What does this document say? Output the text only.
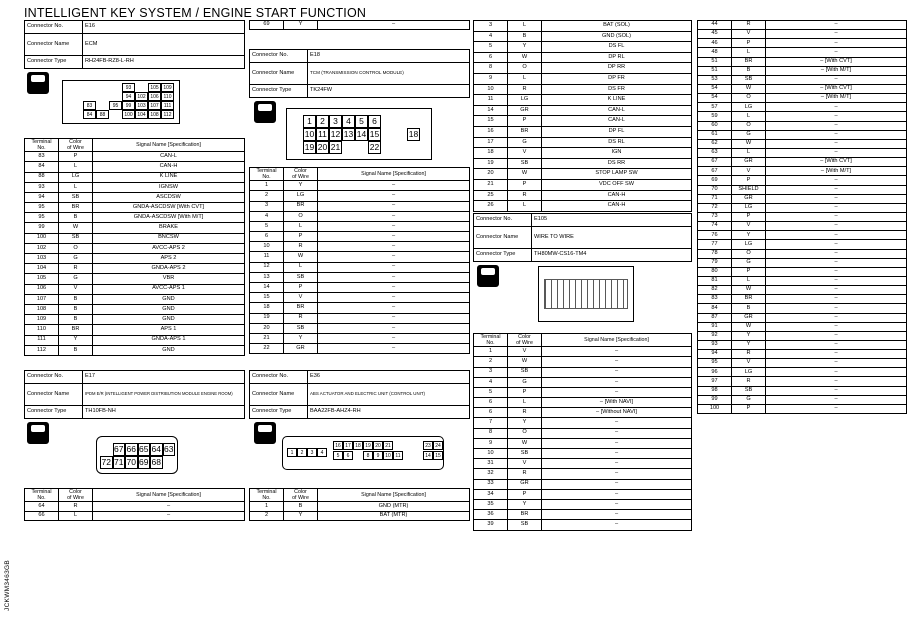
INTELLIGENT KEY SYSTEM / ENGINE START FUNCTION
JCKWM3463GB
Connector No.	E16
Connector Name	ECM
Connector Type	RH24FB-RZ8-L-RH
93	105 109
94	102 106 110
83	95	99	103 107	111
84	88	100 104 108 112
Terminal
No.	Color
of Wire	Signal Name [Specification]
83	P	CAN-L
84	L	CAN-H
88	LG	K LINE
93	L	IGNSW
94	SB	ASCDSW
95	BR	GNDA-ASCDSW [With CVT]
95	B	GNDA-ASCDSW [With M/T]
99	W	BRAKE
100	SB	BNCSW
102	O	AVCC-APS 2
103	G	APS 2
104	R	GNDA-APS 2
105	G	VBR
106	V	AVCC-APS 1
107	B	GND
108	B	GND
109	B	GND
110	BR	APS 1
111	Y	GNDA-APS 1
112	B	GND
69	Y	–
Connector No.	E18
Connector Name	TCM (TRANSMISSION CONTROL MODULE)
Connector Type	TK24FW
1 2 3 4 5 6
10 11 12 13 14 15	18
19 20 21	22
Terminal
No.	Color
of Wire	Signal Name [Specification]
1	Y	–
2	LG	–
3	BR	–
4	O	–
5	L	–
6	P	–
10	R	–
11	W	–
12	L	–
13	SB	–
14	P	–
15	V	–
18	BR	–
19	R	–
20	SB	–
21	Y	–
22	GR	–
Connector No.	E17
Connector Name	IPDM E/R (INTELLIGENT POWER DISTRIBUTION MODULE ENGINE ROOM)
Connector Type	TH10FB-NH
67 66 65 64 63
72 71 70 69 68
Terminal
No.	Color
of Wire	Signal Name [Specification]
64	R	–
66	L	–
Connector No.	E36
Connector Name	ABS ACTUATOR AND ELECTRIC UNIT (CONTROL UNIT)
Connector Type	BAA22FB-AHZ4-RH
1	2	3	4
16 17 18 19 20 21	23 24
5	6	8	9	10 11	14 15
Terminal
No.	Color
of Wire	Signal Name [Specification]
1	B	GND (MTR)
2	Y	BAT (MTR)
3	L	BAT (SOL)
4	B	GND (SOL)
5	Y	DS FL
6	W	DP RL
8	O	DP RR
9	L	DP FR
10	R	DS FR
11	LG	K LINE
14	GR	CAN-L
15	P	CAN-L
16	BR	DP FL
17	G	DS RL
18	V	IGN
19	SB	DS RR
20	W	STOP LAMP SW
21	P	VDC OFF SW
25	R	CAN-H
26	L	CAN-H
Connector No.	E105
Connector Name	WIRE TO WIRE
Connector Type	TH80MW-CS16-TM4
Terminal
No.	Color
of Wire	Signal Name [Specification]
1	V	–
2	W	–
3	SB	–
4	G	–
5	P	–
6	L	– [With NAVI]
6	R	– [Without NAVI]
7	Y	–
8	O	–
9	W	–
10	SB	–
31	V	–
32	R	–
33	GR	–
34	P	–
35	Y	–
36	BR	–
39	SB	–
44	R	–
45	V	–
46	P	–
48	L	–
51	BR	– [With CVT]
51	B	– [With M/T]
53	SB	–
54	W	– [With CVT]
54	O	– [With M/T]
57	LG	–
59	L	–
60	O	–
61	G	–
62	W	–
63	L	–
67	GR	– [With CVT]
67	V	– [With M/T]
69	P	–
70	SHIELD	–
71	GR	–
72	LG	–
73	P	–
74	V	–
76	Y	–
77	LG	–
78	O	–
79	G	–
80	P	–
81	L	–
82	W	–
83	BR	–
84	B	–
87	GR	–
91	W	–
92	Y	–
93	Y	–
94	R	–
95	V	–
96	LG	–
97	R	–
98	SB	–
99	G	–
100	P	–
